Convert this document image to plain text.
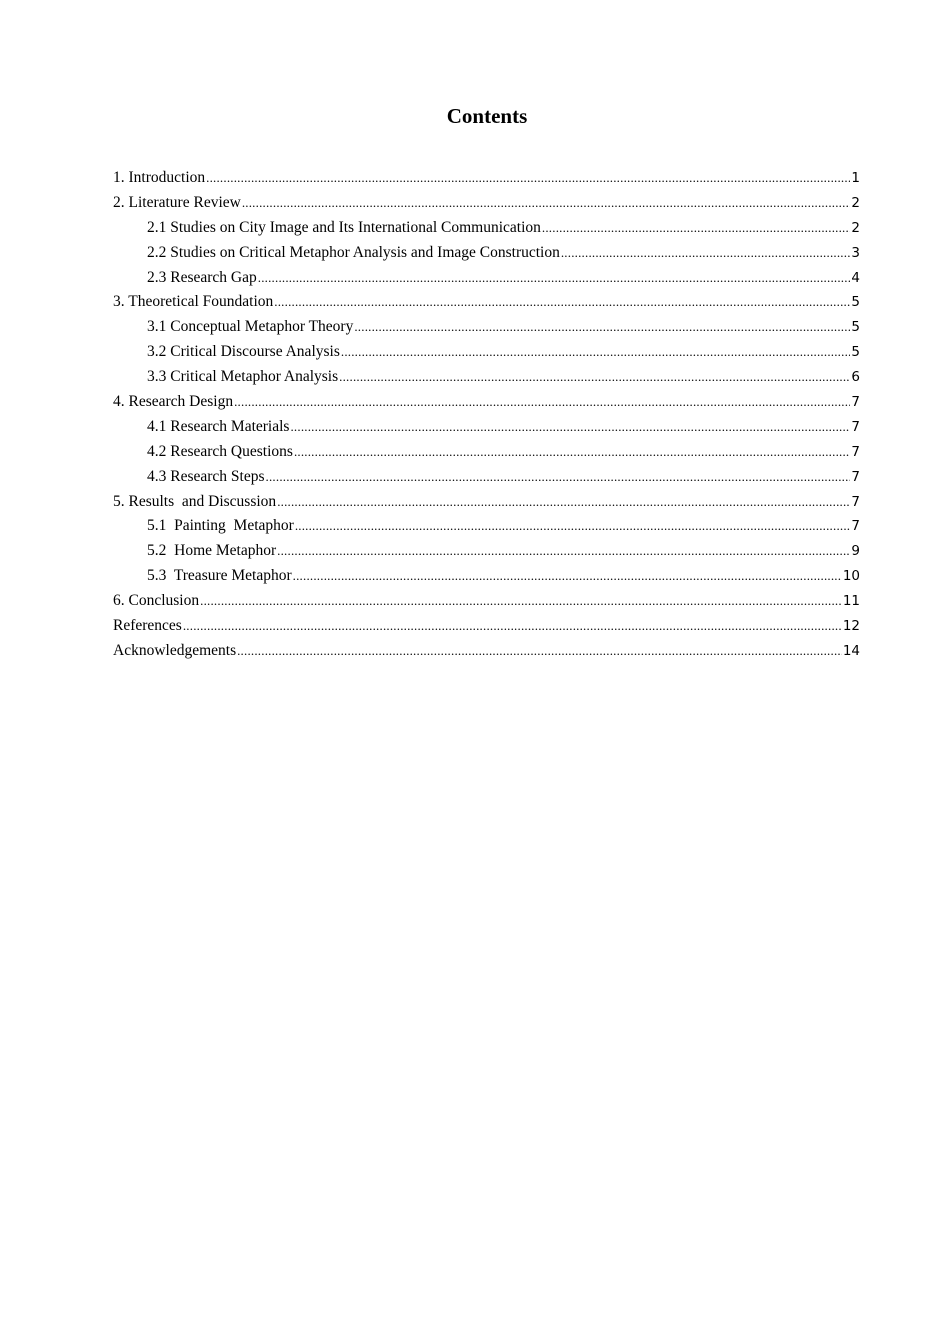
Contents
1. Introduction .....	1
2. Literature Review .....	2
2.1 Studies on City Image and Its International Communication .....	2
2.2 Studies on Critical Metaphor Analysis and Image Construction .....	3
2.3 Research Gap .....	4
3. Theoretical Foundation .....	5
3.1 Conceptual Metaphor Theory .....	5
3.2 Critical Discourse Analysis .....	5
3.3 Critical Metaphor Analysis .....	6
4. Research Design .....	7
4.1 Research Materials .....	7
4.2 Research Questions .....	7
4.3 Research Steps .....	7
5. Results  and Discussion .....	7
5.1  Painting  Metaphor .....	7
5.2  Home Metaphor .....	9
5.3  Treasure Metaphor .....	10
6. Conclusion .....	11
References .....	12
Acknowledgements .....	14
